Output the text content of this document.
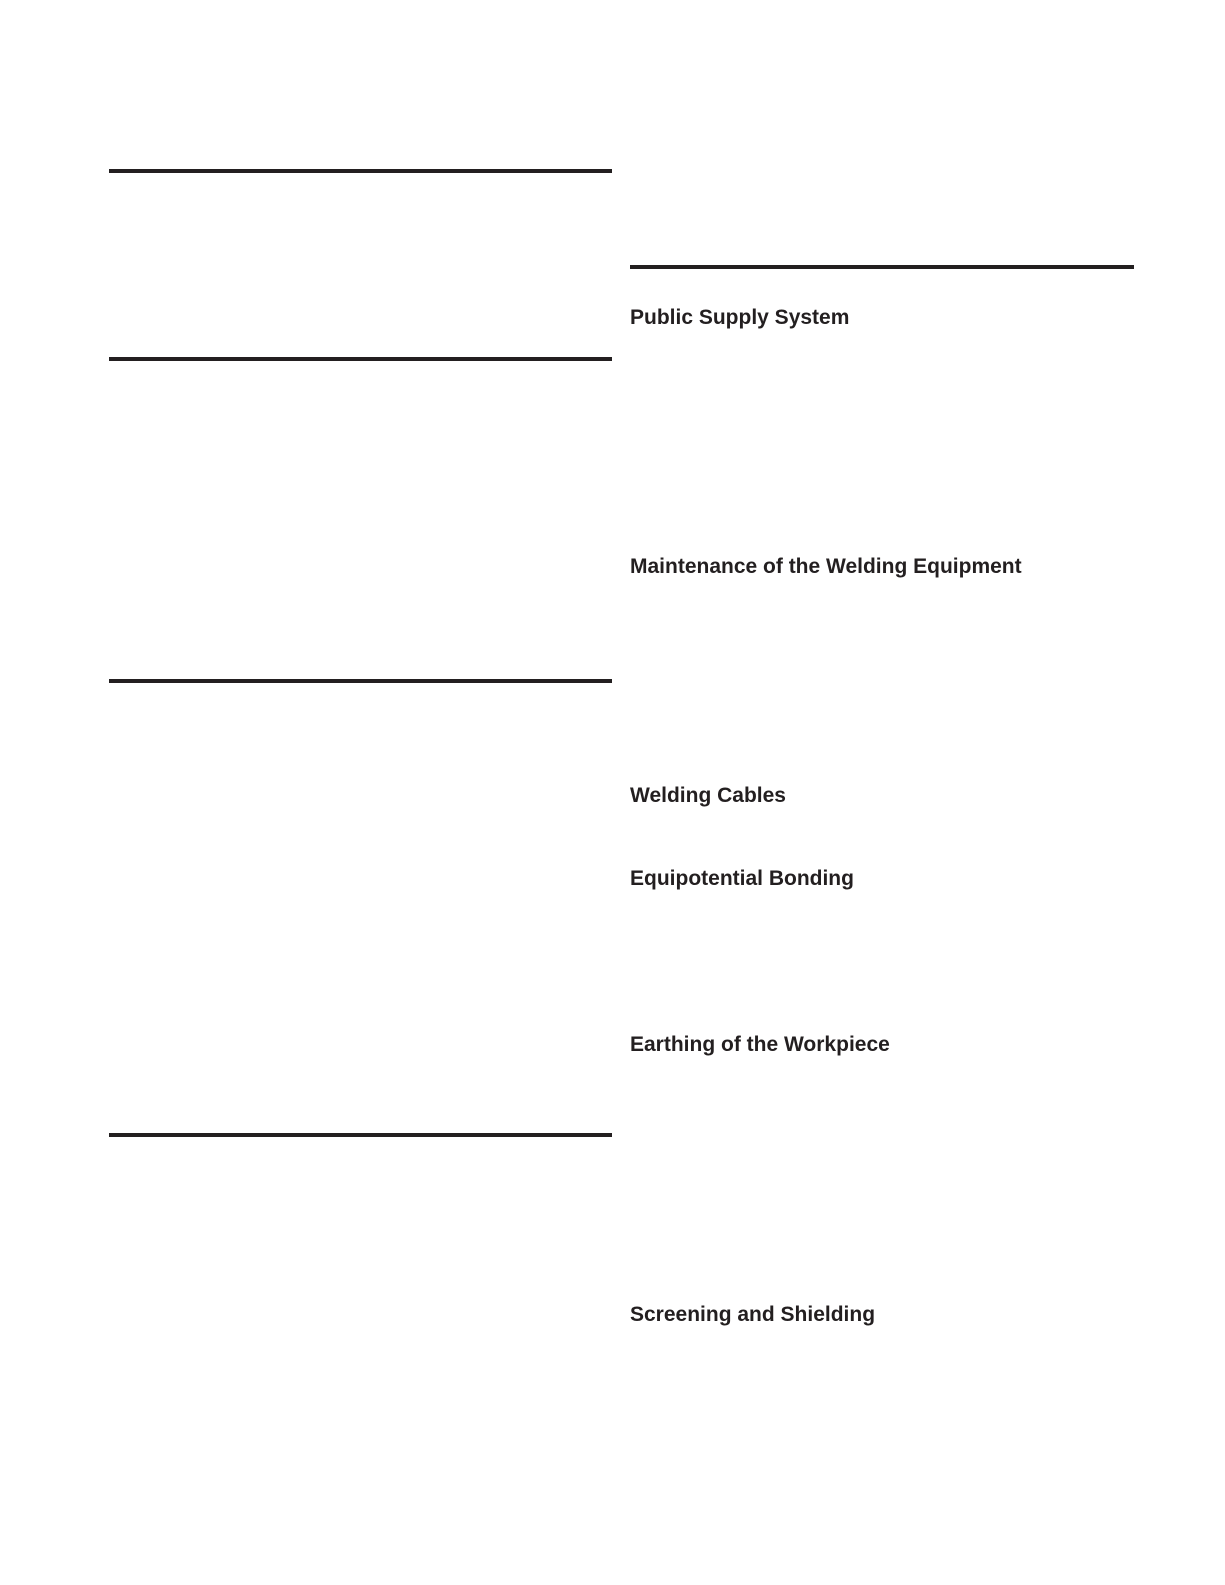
Public Supply System
Maintenance of the Welding Equipment
Welding Cables
Equipotential Bonding
Earthing of the Workpiece
Screening and Shielding
